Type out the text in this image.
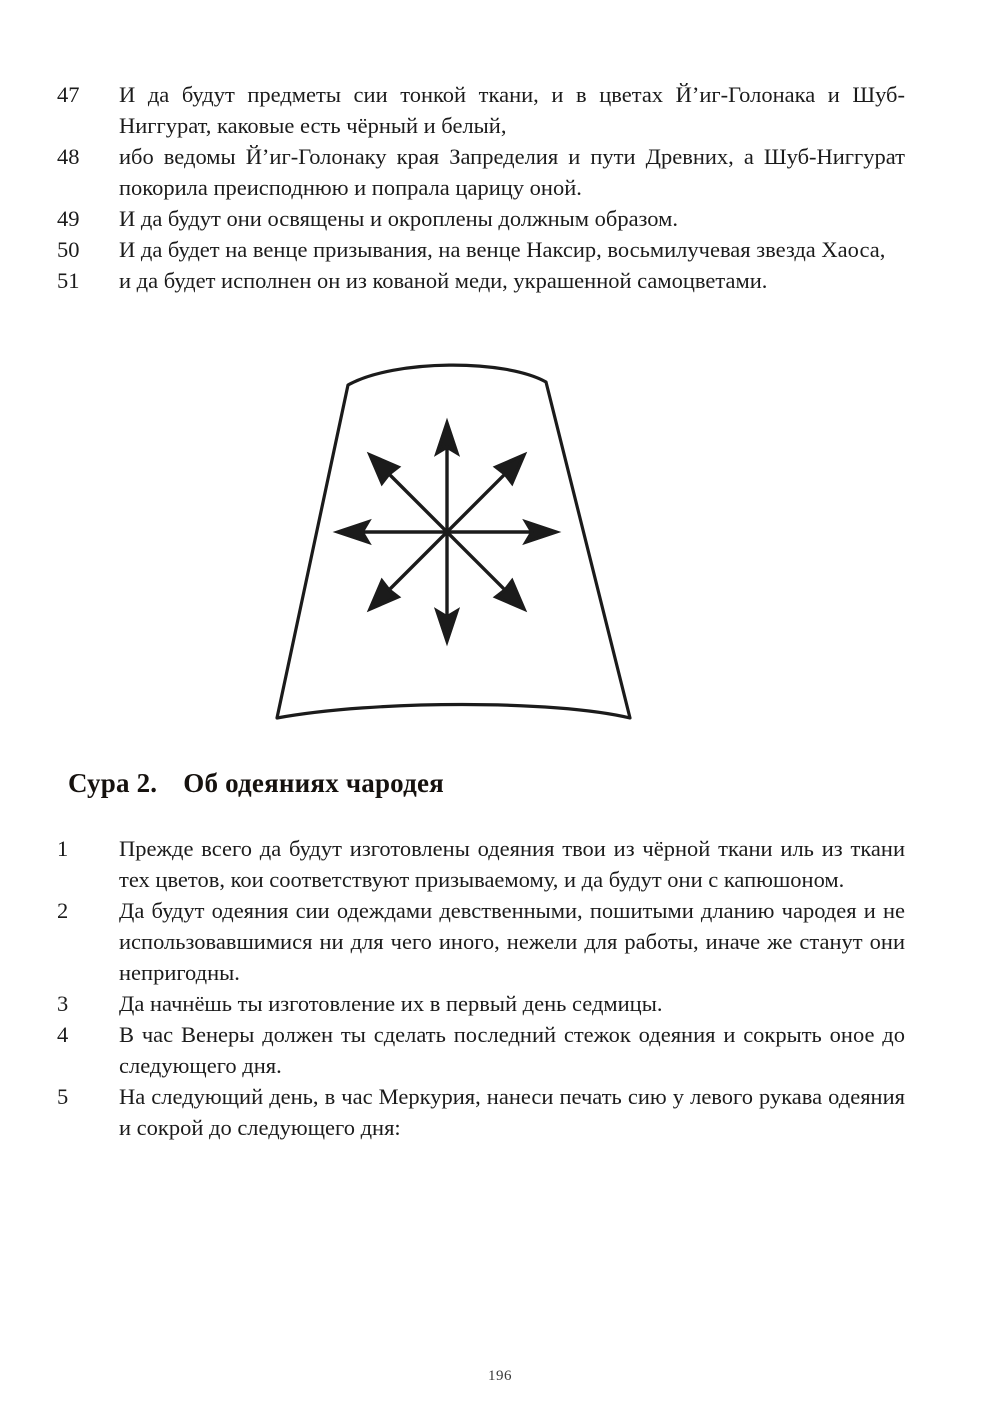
47	И да будут предметы сии тонкой ткани, и в цветах Й’иг-Голонака и Шуб-Ниггурат, каковые есть чёрный и белый,
48	ибо ведомы Й’иг-Голонаку края Запределия и пути Древних, а Шуб-Ниггурат покорила преисподнюю и попрала царицу оной.
49	И да будут они освящены и окроплены должным образом.
50	И да будет на венце призывания, на венце Наксир, восьмилучевая звезда Хаоса,
51	и да будет исполнен он из кованой меди, украшенной самоцветами.
Сура 2. Об одеяниях чародея
1	Прежде всего да будут изготовлены одеяния твои из чёрной ткани иль из ткани тех цветов, кои соответствуют призываемому, и да будут они с капюшоном.
2	Да будут одеяния сии одеждами девственными, пошитыми дланию чародея и не использовавшимися ни для чего иного, нежели для работы, иначе же станут они непригодны.
3	Да начнёшь ты изготовление их в первый день седмицы.
4	В час Венеры должен ты сделать последний стежок одеяния и сокрыть оное до следующего дня.
5	На следующий день, в час Меркурия, нанеси печать сию у левого рукава одеяния и сокрой до следующего дня:
196
